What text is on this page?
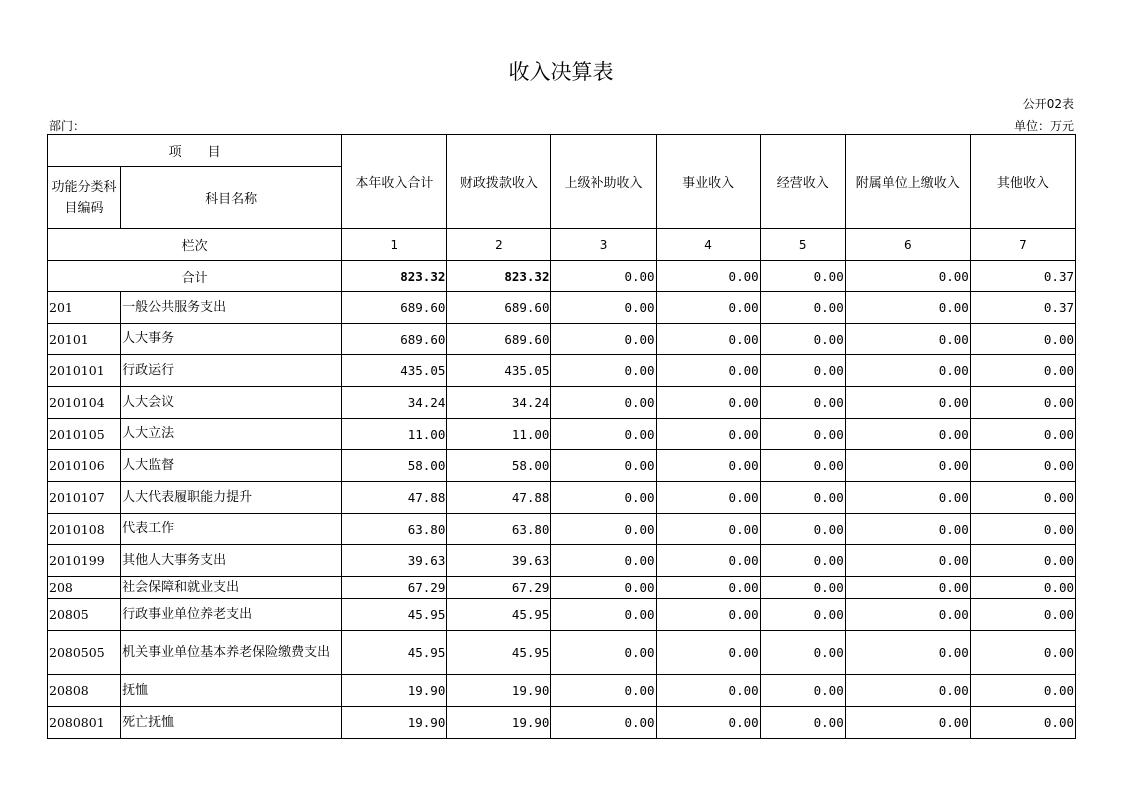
收入决算表
公开02表
部门：	单位：万元
项　　目		本年收入合计	财政拨款收入	上级补助收入	事业收入	经营收入	附属单位上缴收入	其他收入
功能分类科目编码	科目名称							
栏次		1	2	3	4	5	6	7
合计		823.32	823.32	0.00	0.00	0.00	0.00	0.37
201	一般公共服务支出	689.60	689.60	0.00	0.00	0.00	0.00	0.37
20101	人大事务	689.60	689.60	0.00	0.00	0.00	0.00	0.00
2010101	行政运行	435.05	435.05	0.00	0.00	0.00	0.00	0.00
2010104	人大会议	34.24	34.24	0.00	0.00	0.00	0.00	0.00
2010105	人大立法	11.00	11.00	0.00	0.00	0.00	0.00	0.00
2010106	人大监督	58.00	58.00	0.00	0.00	0.00	0.00	0.00
2010107	人大代表履职能力提升	47.88	47.88	0.00	0.00	0.00	0.00	0.00
2010108	代表工作	63.80	63.80	0.00	0.00	0.00	0.00	0.00
2010199	其他人大事务支出	39.63	39.63	0.00	0.00	0.00	0.00	0.00
208	社会保障和就业支出	67.29	67.29	0.00	0.00	0.00	0.00	0.00
20805	行政事业单位养老支出	45.95	45.95	0.00	0.00	0.00	0.00	0.00
2080505	机关事业单位基本养老保险缴费支出	45.95	45.95	0.00	0.00	0.00	0.00	0.00
20808	抚恤	19.90	19.90	0.00	0.00	0.00	0.00	0.00
2080801	死亡抚恤	19.90	19.90	0.00	0.00	0.00	0.00	0.00
